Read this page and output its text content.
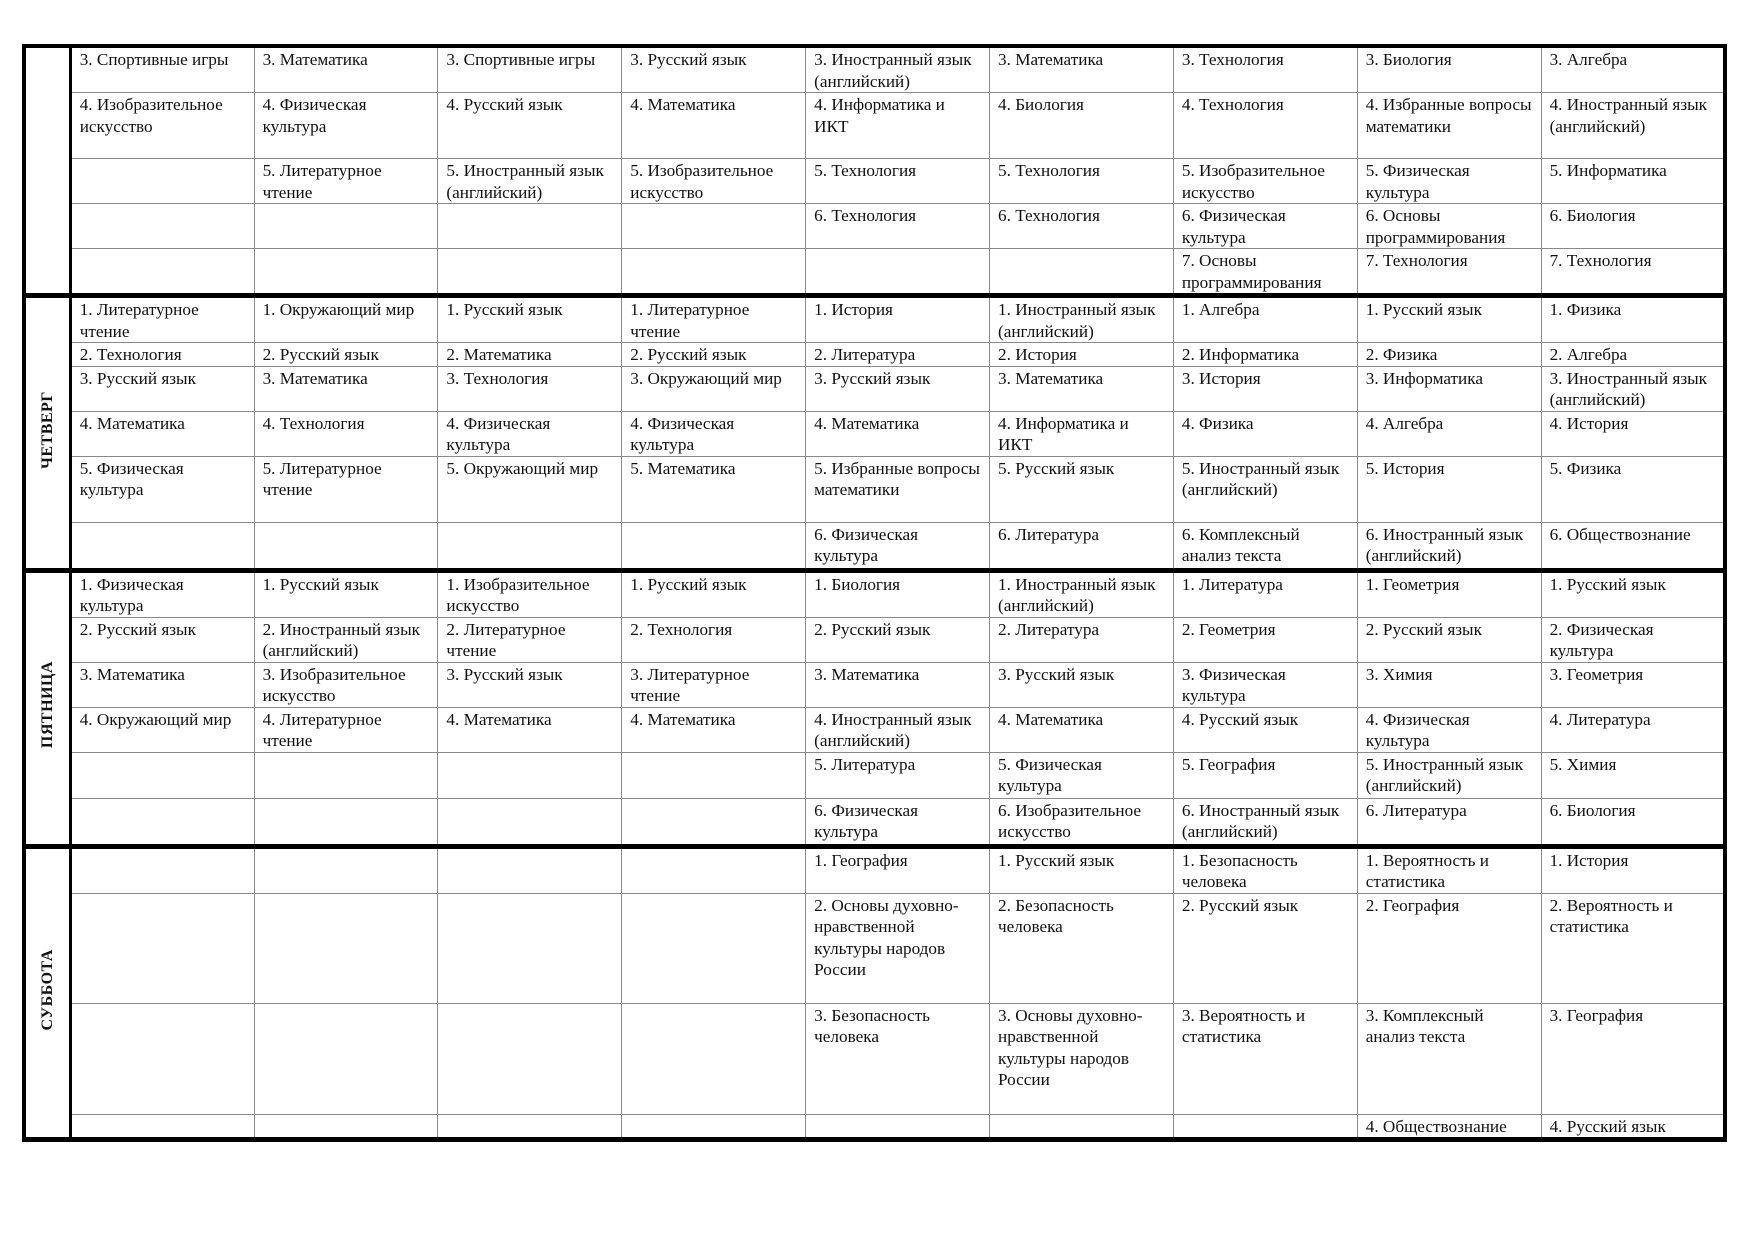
	3. Спортивные игры	3. Математика	3. Спортивные игры	3. Русский язык	3. Иностранный язык (английский)	3. Математика	3. Технология	3. Биология	3. Алгебра
	4. Изобразительное искусство	4. Физическая культура	4. Русский язык	4. Математика	4. Информатика и ИКТ	4. Биология	4. Технология	4. Избранные вопросы математики	4. Иностранный язык (английский)
		5. Литературное чтение	5. Иностранный язык (английский)	5. Изобразительное искусство	5. Технология	5. Технология	5. Изобразительное искусство	5. Физическая культура	5. Информатика
					6. Технология	6. Технология	6. Физическая культура	6. Основы программирования	6. Биология
							7. Основы программирования	7. Технология	7. Технология
ЧЕТВЕРГ	1. Литературное чтение	1. Окружающий мир	1. Русский язык	1. Литературное чтение	1. История	1. Иностранный язык (английский)	1. Алгебра	1. Русский язык	1. Физика
	2. Технология	2. Русский язык	2. Математика	2. Русский язык	2. Литература	2. История	2. Информатика	2. Физика	2. Алгебра
	3. Русский язык	3. Математика	3. Технология	3. Окружающий мир	3. Русский язык	3. Математика	3. История	3. Информатика	3. Иностранный язык (английский)
	4. Математика	4. Технология	4. Физическая культура	4. Физическая культура	4. Математика	4. Информатика и ИКТ	4. Физика	4. Алгебра	4. История
	5. Физическая культура	5. Литературное чтение	5. Окружающий мир	5. Математика	5. Избранные вопросы математики	5. Русский язык	5. Иностранный язык (английский)	5. История	5. Физика
					6. Физическая культура	6. Литература	6. Комплексный анализ текста	6. Иностранный язык (английский)	6. Обществознание
ПЯТНИЦА	1. Физическая культура	1. Русский язык	1. Изобразительное искусство	1. Русский язык	1. Биология	1. Иностранный язык (английский)	1. Литература	1. Геометрия	1. Русский язык
	2. Русский язык	2. Иностранный язык (английский)	2. Литературное чтение	2. Технология	2. Русский язык	2. Литература	2. Геометрия	2. Русский язык	2. Физическая культура
	3. Математика	3. Изобразительное искусство	3. Русский язык	3. Литературное чтение	3. Математика	3. Русский язык	3. Физическая культура	3. Химия	3. Геометрия
	4. Окружающий мир	4. Литературное чтение	4. Математика	4. Математика	4. Иностранный язык (английский)	4. Математика	4. Русский язык	4. Физическая культура	4. Литература
					5. Литература	5. Физическая культура	5. География	5. Иностранный язык (английский)	5. Химия
					6. Физическая культура	6. Изобразительное искусство	6. Иностранный язык (английский)	6. Литература	6. Биология
СУББОТА					1. География	1. Русский язык	1. Безопасность человека	1. Вероятность и статистика	1. История
					2. Основы духовно-нравственной культуры народов России	2. Безопасность человека	2. Русский язык	2. География	2. Вероятность и статистика
					3. Безопасность человека	3. Основы духовно-нравственной культуры народов России	3. Вероятность и статистика	3. Комплексный анализ текста	3. География
								4. Обществознание	4. Русский язык
